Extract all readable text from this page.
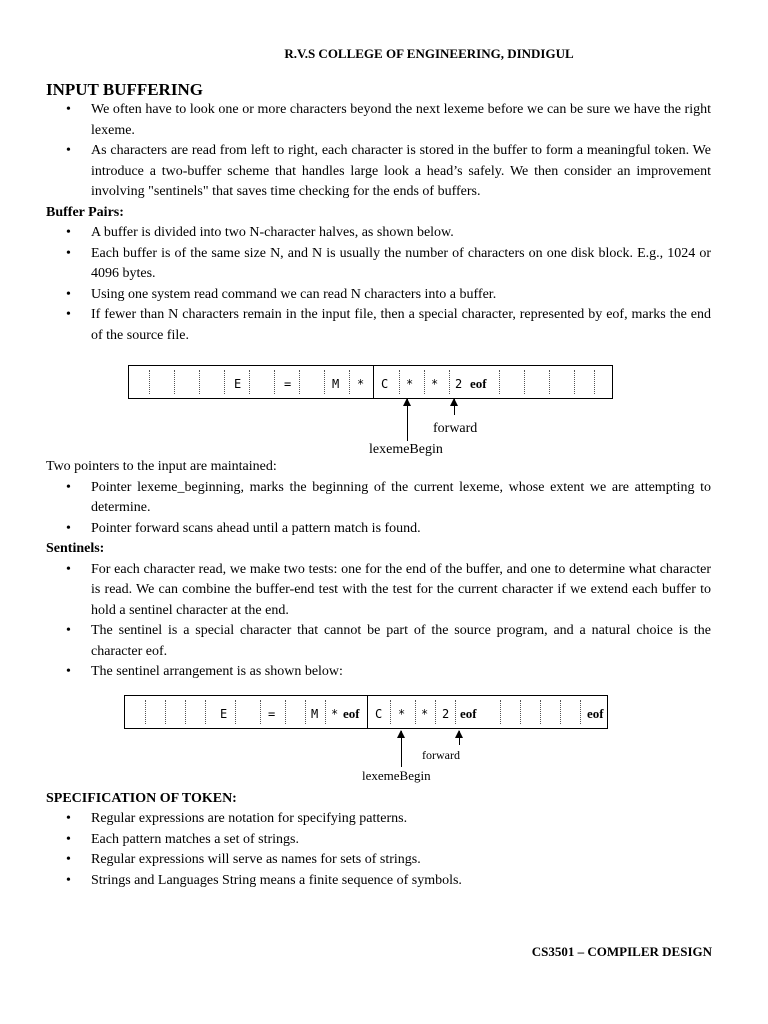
R.V.S COLLEGE OF ENGINEERING, DINDIGUL
INPUT BUFFERING
• We often have to look one or more characters beyond the next lexeme before we can be sure we have the right lexeme.
• As characters are read from left to right, each character is stored in the buffer to form a meaningful token. We introduce a two-buffer scheme that handles large look a head’s safely. We then consider an improvement involving "sentinels" that saves time checking for the ends of buffers.

Buffer Pairs:

• A buffer is divided into two N-character halves, as shown below.
• Each buffer is of the same size N, and N is usually the number of characters on one disk block. E.g., 1024 or 4096 bytes.
• Using one system read command we can read N characters into a buffer.
• If fewer than N characters remain in the input file, then a special character, represented by eof, marks the end of the source file.
E	=	M * C * * 2 eof
forward
lexemeBegin

Two pointers to the input are maintained:

• Pointer lexeme_beginning, marks the beginning of the current lexeme, whose extent we are attempting to determine.
• Pointer forward scans ahead until a pattern match is found.

Sentinels:

• For each character read, we make two tests: one for the end of the buffer, and one to determine what character is read. We can combine the buffer-end test with the test for the current character if we extend each buffer to hold a sentinel character at the end.
• The sentinel is a special character that cannot be part of the source program, and a natural choice is the character eof.
• The sentinel arrangement is as shown below:
E	=	M * eof C * * 2 eof	eof
forward
lexemeBegin

SPECIFICATION OF TOKEN:

• Regular expressions are notation for specifying patterns.
• Each pattern matches a set of strings.
• Regular expressions will serve as names for sets of strings.
• Strings and Languages String means a finite sequence of symbols.
CS3501 – COMPILER DESIGN
